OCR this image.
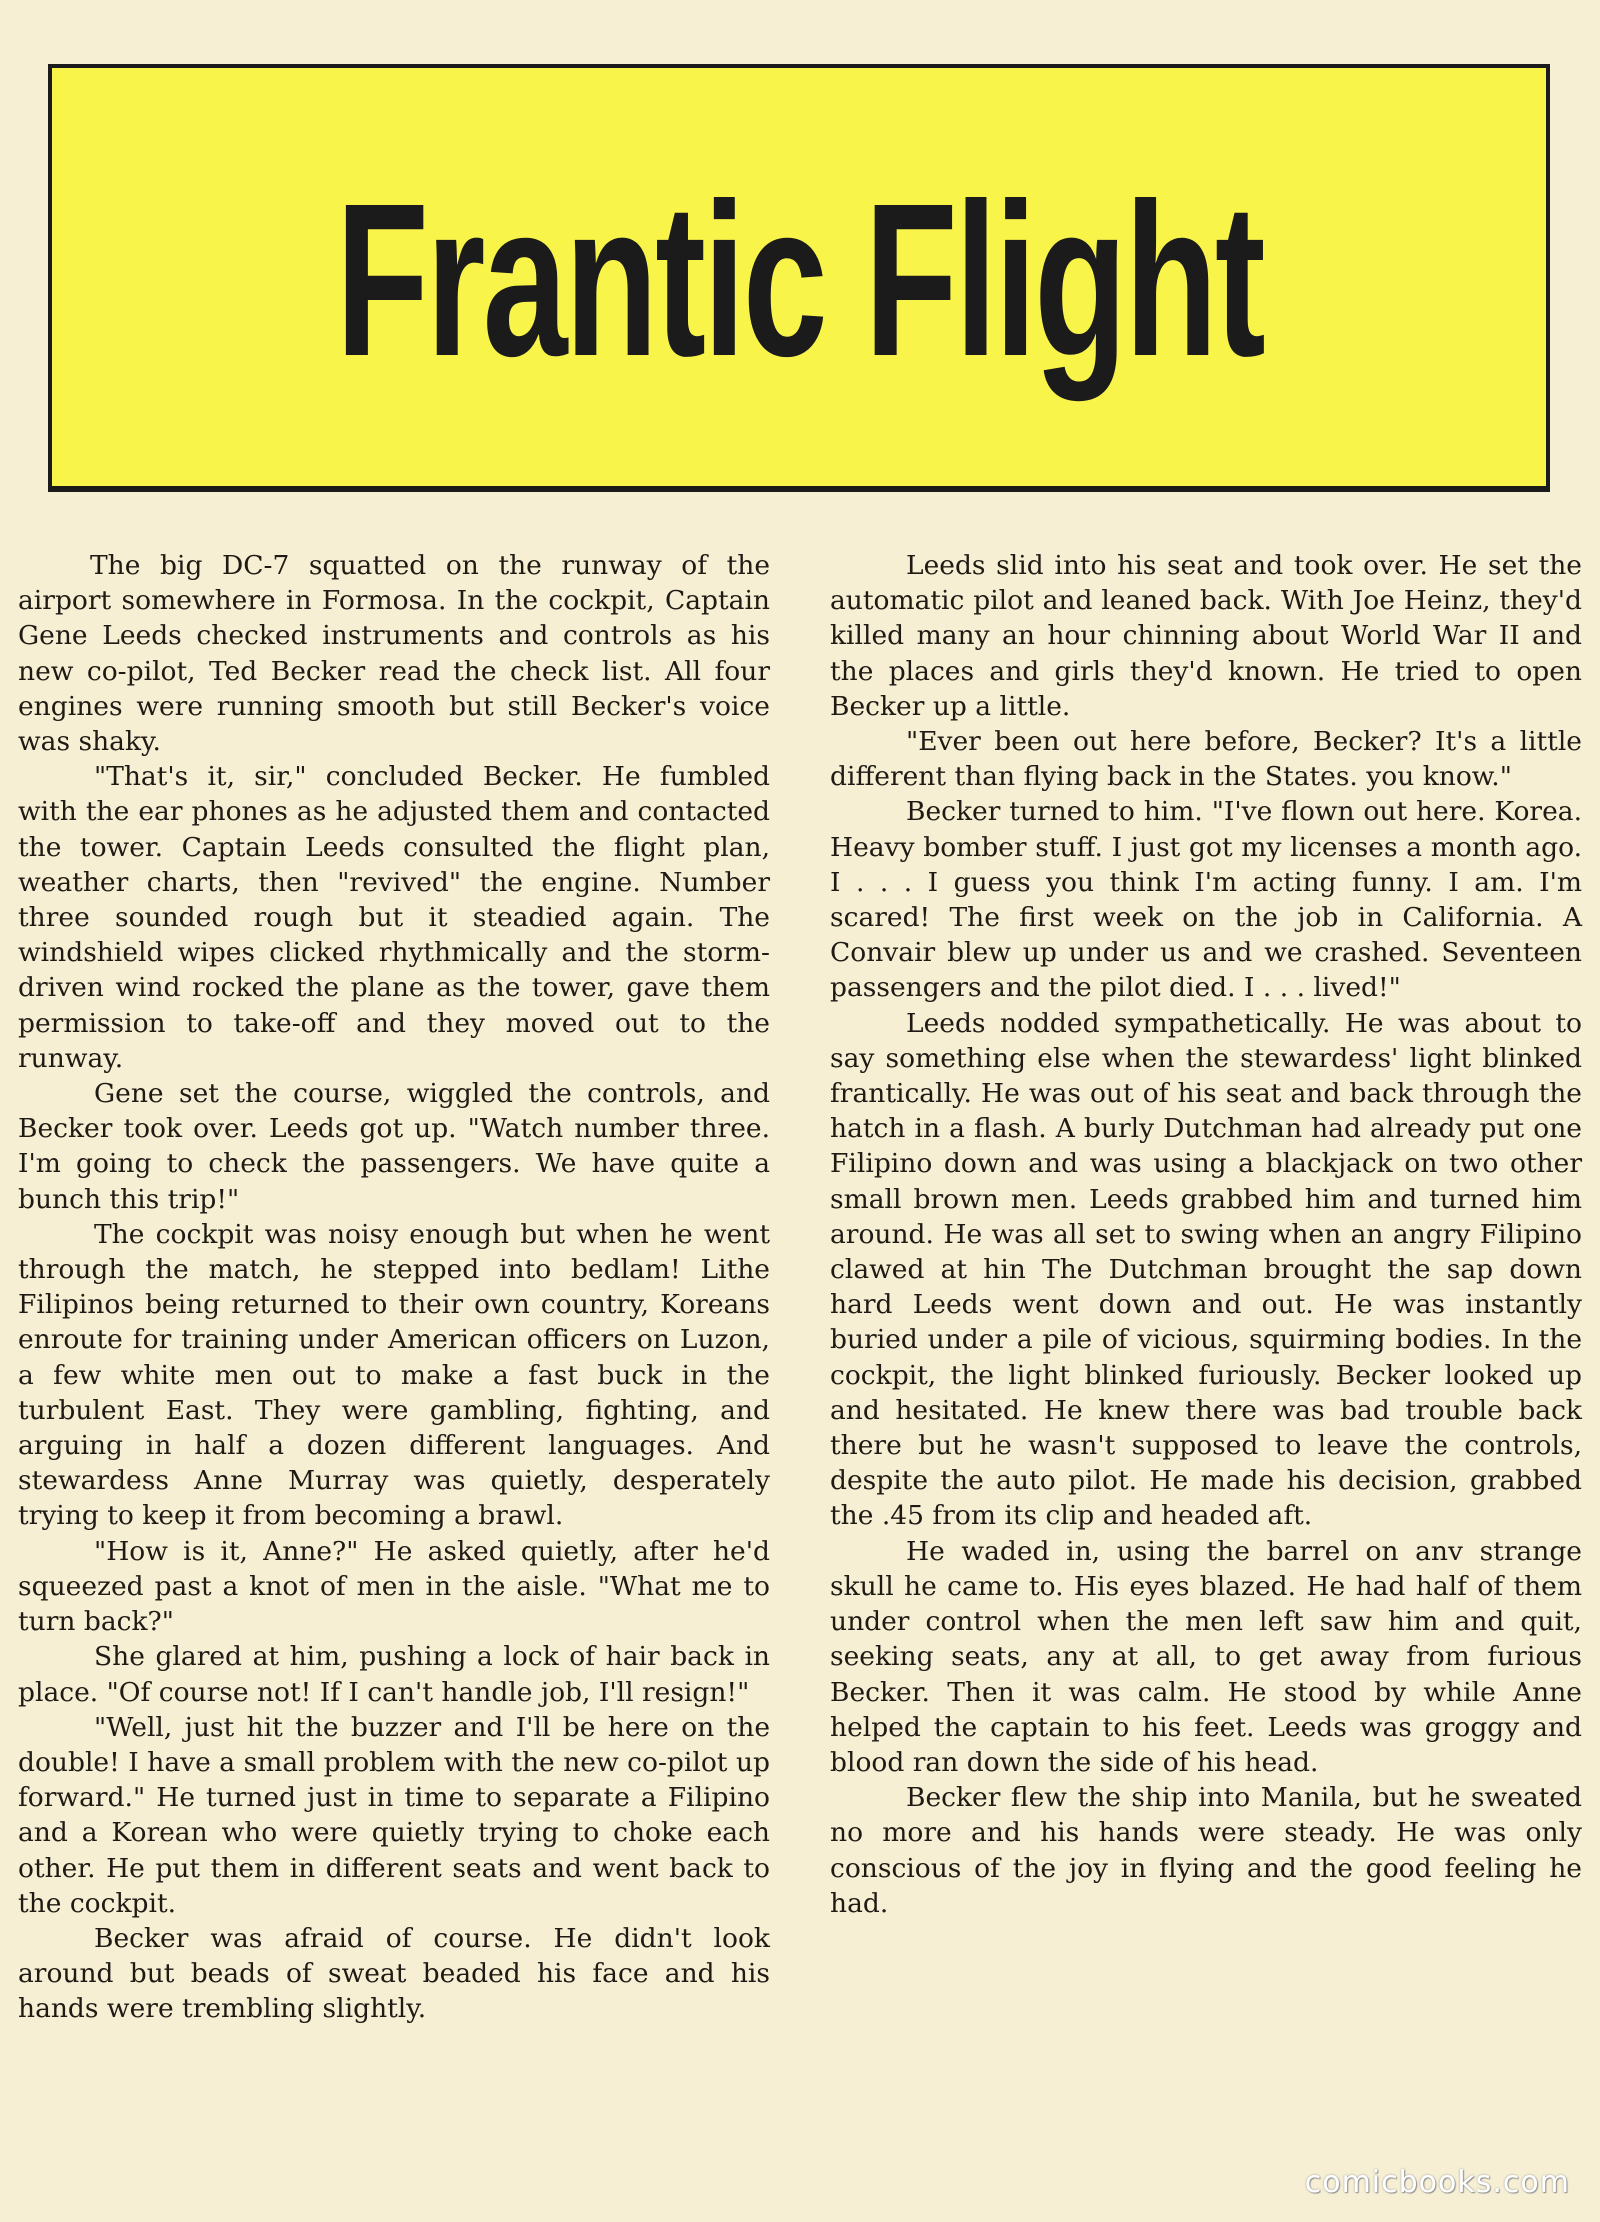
Frantic Flight

The big DC-7 squatted on the runway of the airport somewhere in Formosa. In the cockpit, Captain Gene Leeds checked instruments and controls as his new co-pilot, Ted Becker read the check list. All four engines were running smooth but still Becker's voice was shaky.

"That's it, sir," concluded Becker. He fumbled with the ear phones as he adjusted them and contacted the tower. Captain Leeds consulted the flight plan, weather charts, then "revived" the engine. Number three sounded rough but it steadied again. The windshield wipes clicked rhythmically and the storm-driven wind rocked the plane as the tower, gave them permission to take-off and they moved out to the runway.

Gene set the course, wiggled the controls, and Becker took over. Leeds got up. "Watch number three. I'm going to check the passengers. We have quite a bunch this trip!"

The cockpit was noisy enough but when he went through the match, he stepped into bedlam! Lithe Filipinos being returned to their own country, Koreans enroute for training under American officers on Luzon, a few white men out to make a fast buck in the turbulent East. They were gambling, fighting, and arguing in half a dozen different languages. And stewardess Anne Murray was quietly, desperately trying to keep it from becoming a brawl.

"How is it, Anne?" He asked quietly, after he'd squeezed past a knot of men in the aisle. "What me to turn back?"

She glared at him, pushing a lock of hair back in place. "Of course not! If I can't handle job, I'll resign!"

"Well, just hit the buzzer and I'll be here on the double! I have a small problem with the new co-pilot up forward." He turned just in time to separate a Filipino and a Korean who were quietly trying to choke each other. He put them in different seats and went back to the cockpit.

Becker was afraid of course. He didn't look around but beads of sweat beaded his face and his hands were trembling slightly.

Leeds slid into his seat and took over. He set the automatic pilot and leaned back. With Joe Heinz, they'd killed many an hour chinning about World War II and the places and girls they'd known. He tried to open Becker up a little.

"Ever been out here before, Becker? It's a little different than flying back in the States. you know."

Becker turned to him. "I've flown out here. Korea. Heavy bomber stuff. I just got my licenses a month ago. I . . . I guess you think I'm acting funny. I am. I'm scared! The first week on the job in California. A Convair blew up under us and we crashed. Seventeen passengers and the pilot died. I . . . lived!"

Leeds nodded sympathetically. He was about to say something else when the stewardess' light blinked frantically. He was out of his seat and back through the hatch in a flash. A burly Dutchman had already put one Filipino down and was using a blackjack on two other small brown men. Leeds grabbed him and turned him around. He was all set to swing when an angry Filipino clawed at hin The Dutchman brought the sap down hard Leeds went down and out. He was instantly buried under a pile of vicious, squirming bodies. In the cockpit, the light blinked furiously. Becker looked up and hesitated. He knew there was bad trouble back there but he wasn't supposed to leave the controls, despite the auto pilot. He made his decision, grabbed the .45 from its clip and headed aft.

He waded in, using the barrel on anv strange skull he came to. His eyes blazed. He had half of them under control when the men left saw him and quit, seeking seats, any at all, to get away from furious Becker. Then it was calm. He stood by while Anne helped the captain to his feet. Leeds was groggy and blood ran down the side of his head.

Becker flew the ship into Manila, but he sweated no more and his hands were steady. He was only conscious of the joy in flying and the good feeling he had.

comicbooks.com
